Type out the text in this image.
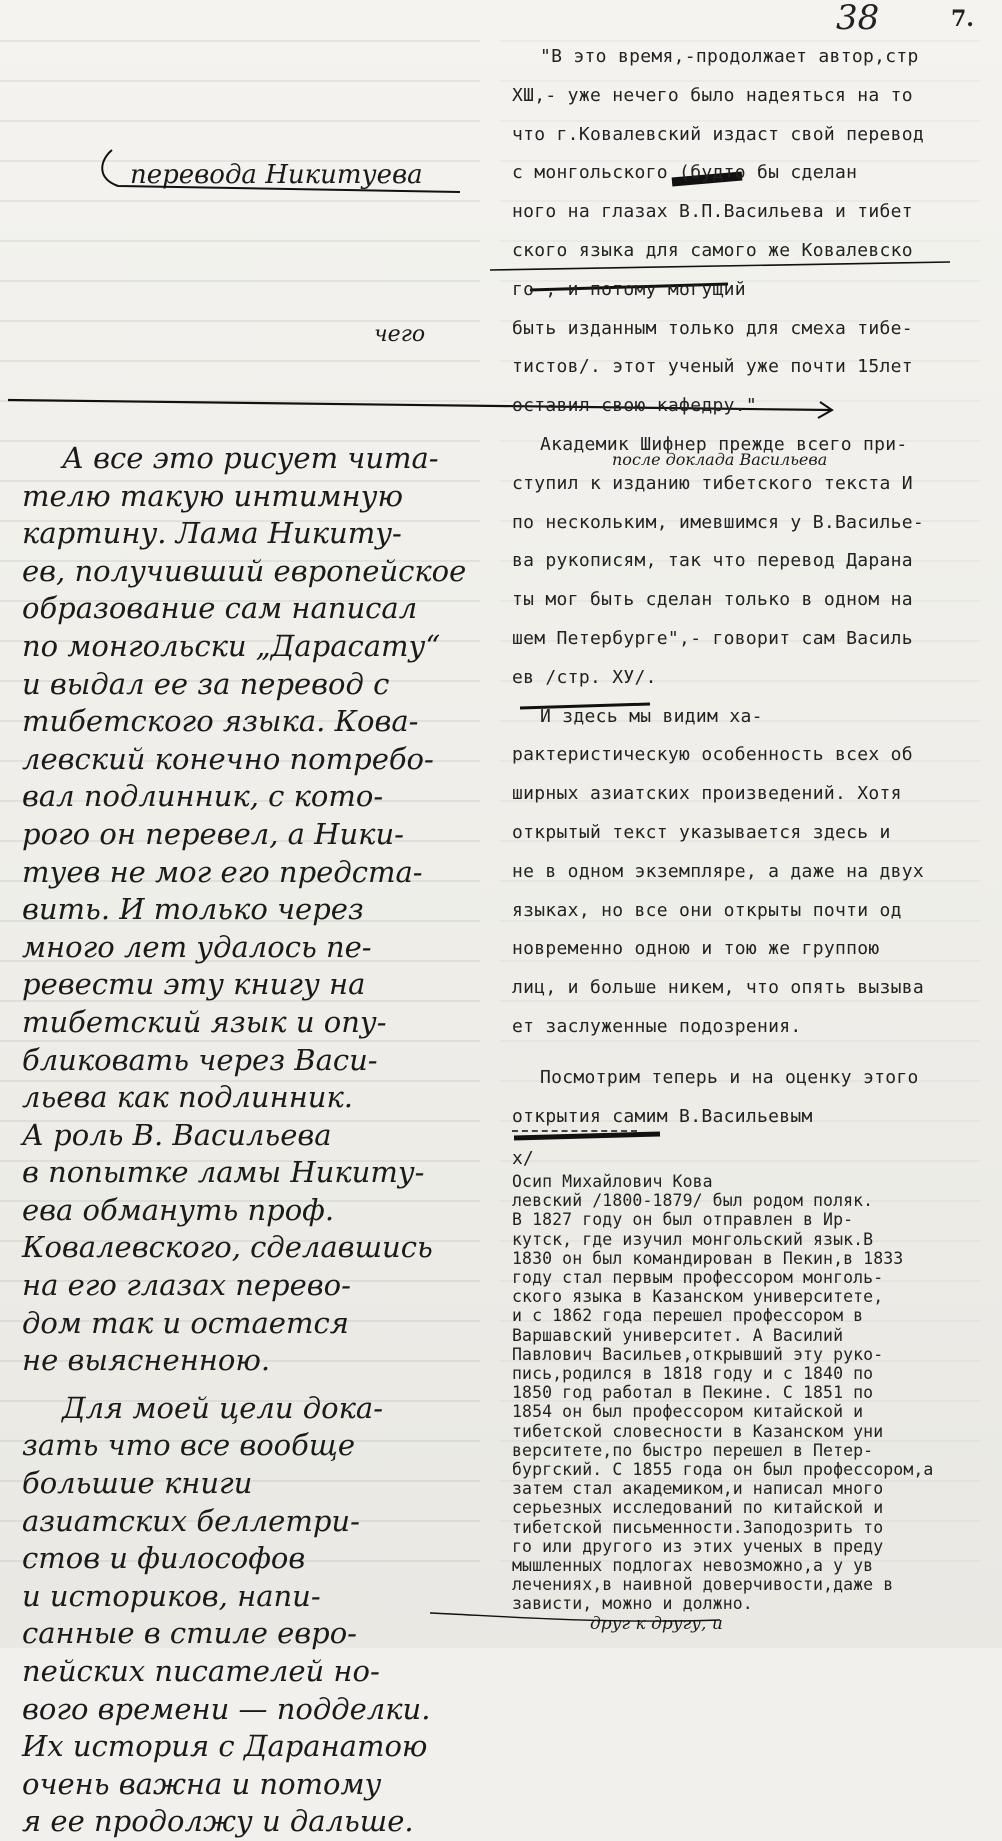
38	7.
перевода Никитуева
чего
после доклада Васильева

А все это рисует чита-
телю такую интимную
картину. Лама Никиту-
ев, получивший европейское
образование сам написал
по монгольски „Дарасату“
и выдал ее за перевод с
тибетского языка. Кова-
левский конечно потребо-
вал подлинник, с кото-
рого он перевел, а Ники-
туев не мог его предста-
вить. И только через
много лет удалось пе-
ревести эту книгу на
тибетский язык и опу-
бликовать через Васи-
льева как подлинник.
А роль В. Васильева
в попытке ламы Никиту-
ева обмануть проф.
Ковалевского, сделавшись
на его глазах перево-
дом так и остается
не выясненною.

Для моей цели дока-
зать что все вообще
большие книги
азиатских беллетри-
стов и философов
и историков, напи-
санные в стиле евро-
пейских писателей но-
вого времени — подделки.
Их история с Даранатою
очень важна и потому
я ее продолжу и дальше.

друг к другу, и

"В это время,-продолжает автор,стр
XШ,- уже нечего было надеяться на то
что г.Ковалевский издаст свой перевод
с монгольского (будто бы сделан
ного на глазах В.П.Васильева и тибет
ского языка для самого же Ковалевско
го , и потому могущий
быть изданным только для смеха тибе-
тистов/. этот ученый уже почти 15лет
оставил свою кафедру."

Академик Шифнер прежде всего при-
ступил к изданию тибетского текста И
по нескольким, имевшимся у В.Василье-
ва рукописям, так что перевод Дарана
ты мог быть сделан только в одном на
шем Петербурге",- говорит сам Василь
ев /стр. ХУ/.

И здесь мы видим ха-
рактеристическую особенность всех об
ширных азиатских произведений. Хотя
открытый текст указывается здесь и
не в одном экземпляре, а даже на двух
языках, но все они открыты почти од
новременно одною и тою же группою
лиц, и больше никем, что опять вызыва
ет заслуженные подозрения.

Посмотрим теперь и на оценку этого
открытия самим В.Васильевым

х/
Осип Михайлович Кова
левский /1800-1879/ был родом поляк.
В 1827 году он был отправлен в Ир-
кутск, где изучил монгольский язык.В
1830 он был командирован в Пекин,в 1833
году стал первым профессором монголь-
ского языка в Казанском университете,
и с 1862 года перешел профессором в
Варшавский университет. А Василий
Павлович Васильев,открывший эту руко-
пись,родился в 1818 году и с 1840 по
1850 год работал в Пекине. С 1851 по
1854 он был профессором китайской и
тибетской словесности в Казанском уни
верситете,по быстро перешел в Петер-
бургский. С 1855 года он был профессором,а
затем стал академиком,и написал много
серьезных исследований по китайской и
тибетской письменности.Заподозрить то
го или другого из этих ученых в преду
мышленных подлогах невозможно,а у ув
лечениях,в наивной доверчивости,даже в
зависти, можно и должно.
